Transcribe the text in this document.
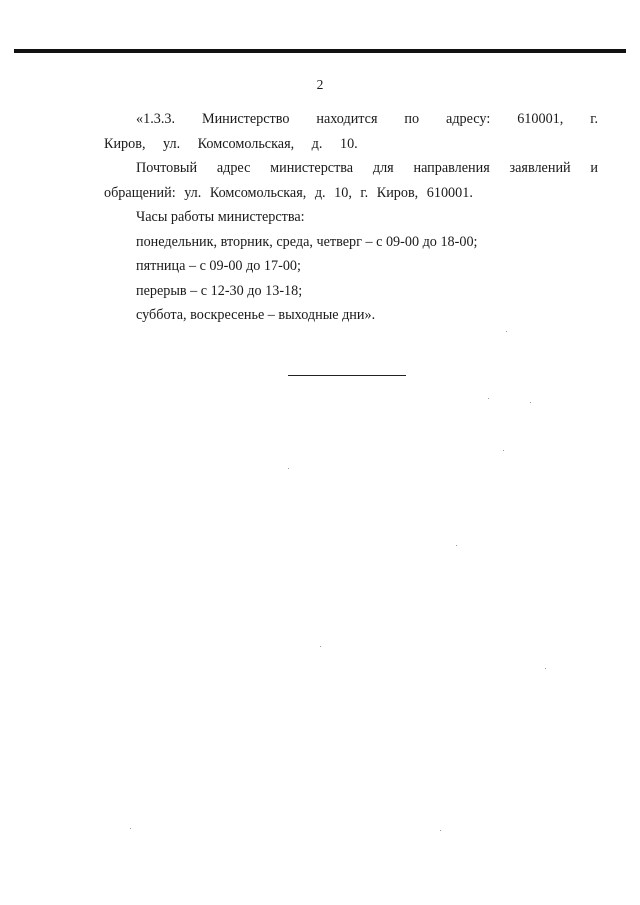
2

«1.3.3. Министерство находится по адресу: 610001, г. Киров, ул. Комсомольская, д. 10.

Почтовый адрес министерства для направления заявлений и обращений: ул. Комсомольская, д. 10, г. Киров, 610001.

Часы работы министерства:

понедельник, вторник, среда, четверг – с 09-00 до 18-00;

пятница – с 09-00 до 17-00;

перерыв – с 12-30 до 13-18;

суббота, воскресенье – выходные дни».
